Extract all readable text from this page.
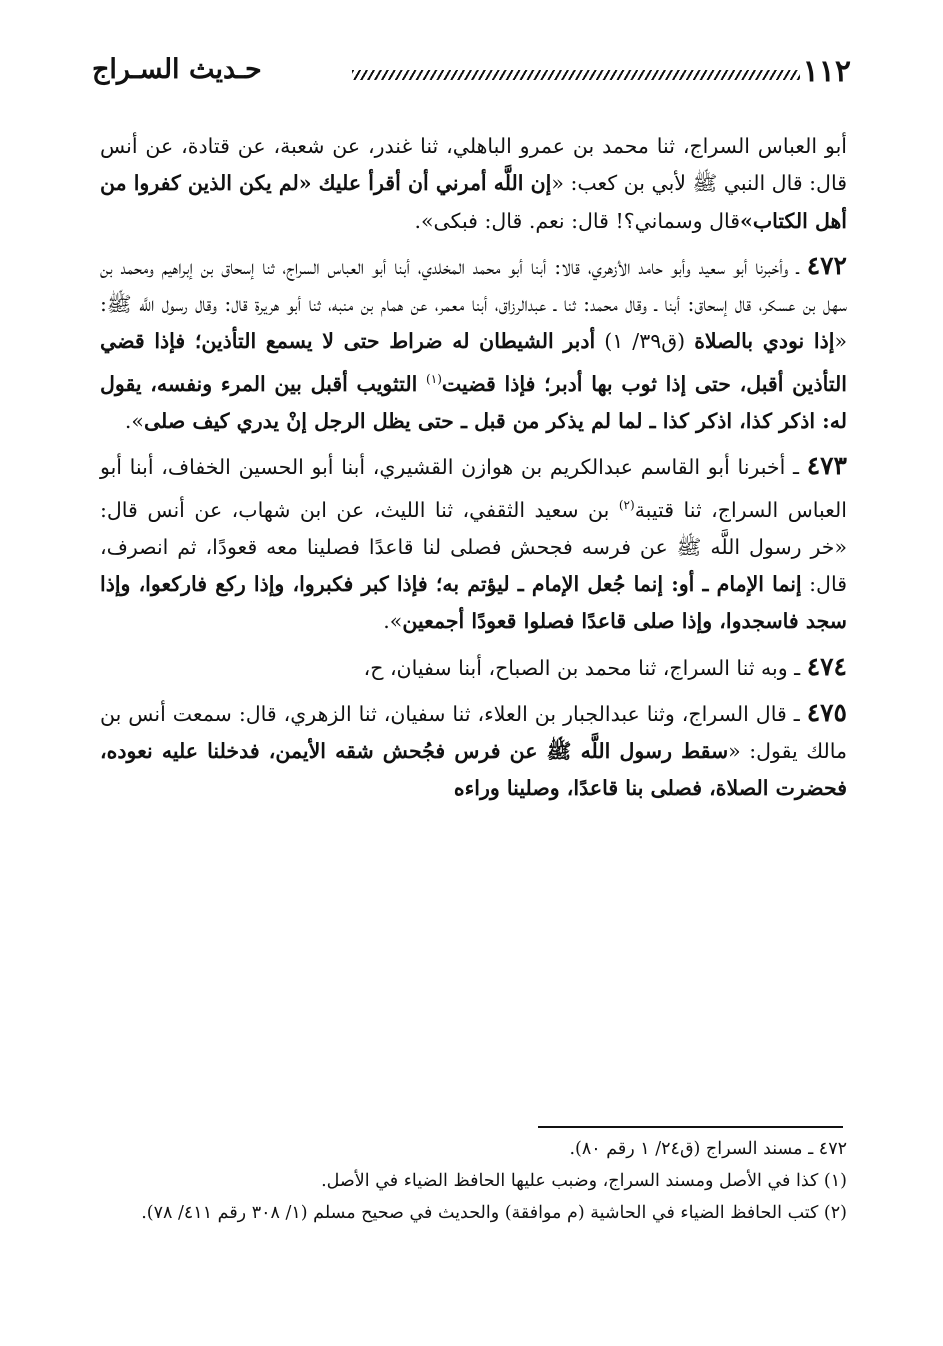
١١٢
حـديث السـراج

أبو العباس السراج، ثنا محمد بن عمرو الباهلي، ثنا غندر، عن شعبة، عن قتادة، عن أنس قال: قال النبي ﷺ لأبي بن كعب: «إن اللَّه أمرني أن أقرأ عليك «لم يكن الذين كفروا من أهل الكتاب»قال وسماني؟! قال: نعم. قال: فبكى».

٤٧٢ ـ وأخبرنا أبو سعيد وأبو حامد الأزهري، قالا: أبنا أبو محمد المخلدي، أبنا أبو العباس السراج، ثنا إسحاق بن إبراهيم ومحمد بن سهل بن عسكر، قال إسحاق: أبنا ـ وقال محمد: ثنا ـ عبدالرزاق، أبنا معمر، عن همام بن منبه، ثنا أبو هريرة قال: وقال رسول اللَّه ﷺ: «إذا نودي بالصلاة (ق٣٩/ ١) أدبر الشيطان له ضراط حتى لا يسمع التأذين؛ فإذا قضي التأذين أقبل، حتى إذا ثوب بها أدبر؛ فإذا قضيت$^{(١)}$ التثويب أقبل بين المرء ونفسه، يقول له: اذكر كذا، اذكر كذا ـ لما لم يذكر من قبل ـ حتى يظل الرجل إنْ يدري كيف صلى».

٤٧٣ ـ أخبرنا أبو القاسم عبدالكريم بن هوازن القشيري، أبنا أبو الحسين الخفاف، أبنا أبو العباس السراج، ثنا قتيبة$^{(٢)}$ بن سعيد الثقفي، ثنا الليث، عن ابن شهاب، عن أنس قال: «خر رسول اللَّه ﷺ عن فرسه فجحش فصلى لنا قاعدًا فصلينا معه قعودًا، ثم انصرف، قال: إنما الإمام ـ أو: إنما جُعل الإمام ـ ليؤتم به؛ فإذا كبر فكبروا، وإذا ركع فاركعوا، وإذا سجد فاسجدوا، وإذا صلى قاعدًا فصلوا قعودًا أجمعين».

٤٧٤ ـ وبه ثنا السراج، ثنا محمد بن الصباح، أبنا سفيان، ح،

٤٧٥ ـ قال السراج، وثنا عبدالجبار بن العلاء، ثنا سفيان، ثنا الزهري، قال: سمعت أنس بن مالك يقول: «سقط رسول اللَّه ﷺ عن فرس فجُحش شقه الأيمن، فدخلنا عليه نعوده، فحضرت الصلاة، فصلى بنا قاعدًا، وصلينا وراءه

٤٧٢ ـ مسند السراج (ق٢٤/ ١ رقم ٨٠).

(١) كذا في الأصل ومسند السراج، وضبب عليها الحافظ الضياء في الأصل.

(٢) كتب الحافظ الضياء في الحاشية (م موافقة) والحديث في صحيح مسلم (١/ ٣٠٨ رقم ٤١١/ ٧٨).
